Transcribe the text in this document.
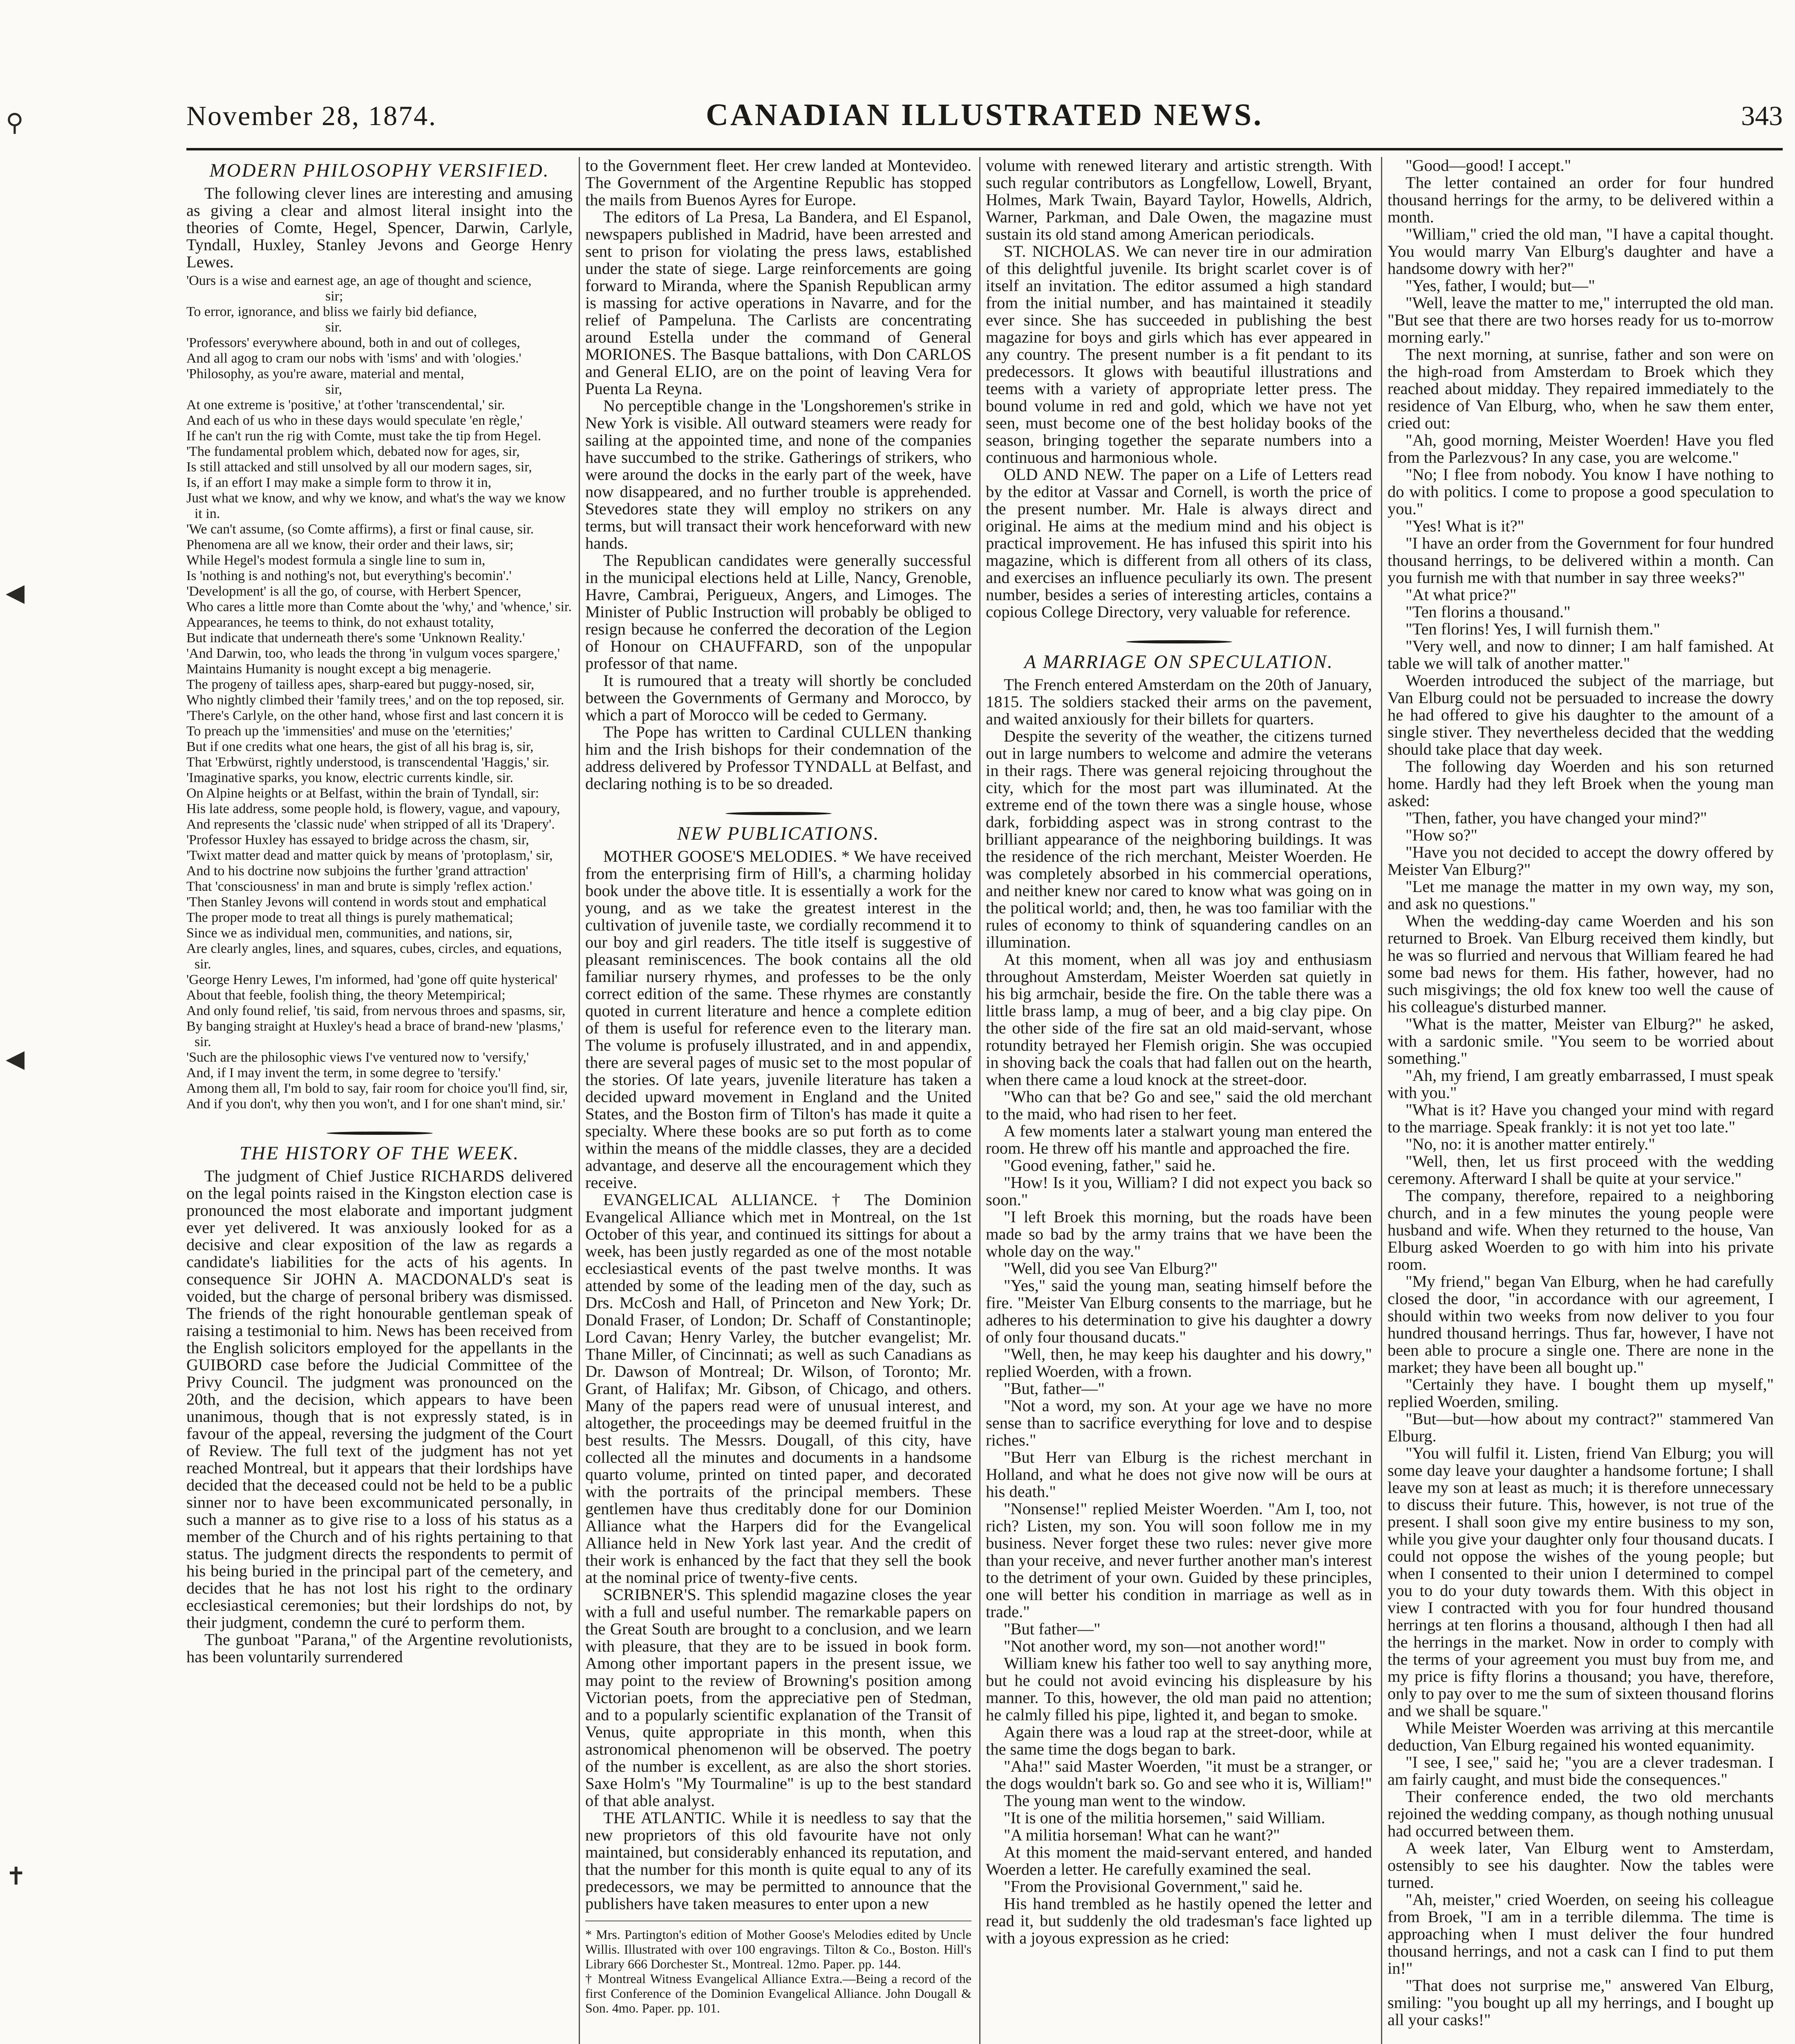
⚲
◀
◀
✝
November 28, 1874.	CANADIAN ILLUSTRATED NEWS.	343
MODERN PHILOSOPHY VERSIFIED.

The following clever lines are interesting and amusing as giving a clear and almost literal insight into the theories of Comte, Hegel, Spencer, Darwin, Carlyle, Tyndall, Huxley, Stanley Jevons and George Henry Lewes.

'Ours is a wise and earnest age, an age of thought and science,
sir;
To error, ignorance, and bliss we fairly bid defiance,
sir.
'Professors' everywhere abound, both in and out of colleges,
And all agog to cram our nobs with 'isms' and with 'ologies.'
'Philosophy, as you're aware, material and mental,
sir,
At one extreme is 'positive,' at t'other 'transcendental,' sir.
And each of us who in these days would speculate 'en règle,'
If he can't run the rig with Comte, must take the tip from Hegel.
'The fundamental problem which, debated now for ages, sir,
Is still attacked and still unsolved by all our modern sages, sir,
Is, if an effort I may make a simple form to throw it in,
Just what we know, and why we know, and what's the way we know it in.
'We can't assume, (so Comte affirms), a first or final cause, sir.
Phenomena are all we know, their order and their laws, sir;
While Hegel's modest formula a single line to sum in,
Is 'nothing is and nothing's not, but everything's becomin'.'
'Development' is all the go, of course, with Herbert Spencer,
Who cares a little more than Comte about the 'why,' and 'whence,' sir.
Appearances, he teems to think, do not exhaust totality,
But indicate that underneath there's some 'Unknown Reality.'
'And Darwin, too, who leads the throng 'in vulgum voces spargere,'
Maintains Humanity is nought except a big menagerie.
The progeny of tailless apes, sharp-eared but puggy-nosed, sir,
Who nightly climbed their 'family trees,' and on the top reposed, sir.
'There's Carlyle, on the other hand, whose first and last concern it is
To preach up the 'immensities' and muse on the 'eternities;'
But if one credits what one hears, the gist of all his brag is, sir,
That 'Erbwürst, rightly understood, is transcendental 'Haggis,' sir.
'Imaginative sparks, you know, electric currents kindle, sir.
On Alpine heights or at Belfast, within the brain of Tyndall, sir:
His late address, some people hold, is flowery, vague, and vapoury,
And represents the 'classic nude' when stripped of all its 'Drapery'.
'Professor Huxley has essayed to bridge across the chasm, sir,
'Twixt matter dead and matter quick by means of 'protoplasm,' sir,
And to his doctrine now subjoins the further 'grand attraction'
That 'consciousness' in man and brute is simply 'reflex action.'
'Then Stanley Jevons will contend in words stout and emphatical
The proper mode to treat all things is purely mathematical;
Since we as individual men, communities, and nations, sir,
Are clearly angles, lines, and squares, cubes, circles, and equations, sir.
'George Henry Lewes, I'm informed, had 'gone off quite hysterical'
About that feeble, foolish thing, the theory Metempirical;
And only found relief, 'tis said, from nervous throes and spasms, sir,
By banging straight at Huxley's head a brace of brand-new 'plasms,' sir.
'Such are the philosophic views I've ventured now to 'versify,'
And, if I may invent the term, in some degree to 'tersify.'
Among them all, I'm bold to say, fair room for choice you'll find, sir,
And if you don't, why then you won't, and I for one shan't mind, sir.'
THE HISTORY OF THE WEEK.

The judgment of Chief Justice RICHARDS delivered on the legal points raised in the Kingston election case is pronounced the most elaborate and important judgment ever yet delivered. It was anxiously looked for as a decisive and clear exposition of the law as regards a candidate's liabilities for the acts of his agents. In consequence Sir JOHN A. MACDONALD's seat is voided, but the charge of personal bribery was dismissed. The friends of the right honourable gentleman speak of raising a testimonial to him. News has been received from the English solicitors employed for the appellants in the GUIBORD case before the Judicial Committee of the Privy Council. The judgment was pronounced on the 20th, and the decision, which appears to have been unanimous, though that is not expressly stated, is in favour of the appeal, reversing the judgment of the Court of Review. The full text of the judgment has not yet reached Montreal, but it appears that their lordships have decided that the deceased could not be held to be a public sinner nor to have been excommunicated personally, in such a manner as to give rise to a loss of his status as a member of the Church and of his rights pertaining to that status. The judgment directs the respondents to permit of his being buried in the principal part of the cemetery, and decides that he has not lost his right to the ordinary ecclesiastical ceremonies; but their lordships do not, by their judgment, condemn the curé to perform them.

The gunboat "Parana," of the Argentine revolutionists, has been voluntarily surrendered

to the Government fleet. Her crew landed at Montevideo. The Government of the Argentine Republic has stopped the mails from Buenos Ayres for Europe.

The editors of La Presa, La Bandera, and El Espanol, newspapers published in Madrid, have been arrested and sent to prison for violating the press laws, established under the state of siege. Large reinforcements are going forward to Miranda, where the Spanish Republican army is massing for active operations in Navarre, and for the relief of Pampeluna. The Carlists are concentrating around Estella under the command of General MORIONES. The Basque battalions, with Don CARLOS and General ELIO, are on the point of leaving Vera for Puenta La Reyna.

No perceptible change in the 'Longshoremen's strike in New York is visible. All outward steamers were ready for sailing at the appointed time, and none of the companies have succumbed to the strike. Gatherings of strikers, who were around the docks in the early part of the week, have now disappeared, and no further trouble is apprehended. Stevedores state they will employ no strikers on any terms, but will transact their work henceforward with new hands.

The Republican candidates were generally successful in the municipal elections held at Lille, Nancy, Grenoble, Havre, Cambrai, Perigueux, Angers, and Limoges. The Minister of Public Instruction will probably be obliged to resign because he conferred the decoration of the Legion of Honour on CHAUFFARD, son of the unpopular professor of that name.

It is rumoured that a treaty will shortly be concluded between the Governments of Germany and Morocco, by which a part of Morocco will be ceded to Germany.

The Pope has written to Cardinal CULLEN thanking him and the Irish bishops for their condemnation of the address delivered by Professor TYNDALL at Belfast, and declaring nothing is to be so dreaded.

NEW PUBLICATIONS.

MOTHER GOOSE'S MELODIES. * We have received from the enterprising firm of Hill's, a charming holiday book under the above title. It is essentially a work for the young, and as we take the greatest interest in the cultivation of juvenile taste, we cordially recommend it to our boy and girl readers. The title itself is suggestive of pleasant reminiscences. The book contains all the old familiar nursery rhymes, and professes to be the only correct edition of the same. These rhymes are constantly quoted in current literature and hence a complete edition of them is useful for reference even to the literary man. The volume is profusely illustrated, and in and appendix, there are several pages of music set to the most popular of the stories. Of late years, juvenile literature has taken a decided upward movement in England and the United States, and the Boston firm of Tilton's has made it quite a specialty. Where these books are so put forth as to come within the means of the middle classes, they are a decided advantage, and deserve all the encouragement which they receive.

EVANGELICAL ALLIANCE. † The Dominion Evangelical Alliance which met in Montreal, on the 1st October of this year, and continued its sittings for about a week, has been justly regarded as one of the most notable ecclesiastical events of the past twelve months. It was attended by some of the leading men of the day, such as Drs. McCosh and Hall, of Princeton and New York; Dr. Donald Fraser, of London; Dr. Schaff of Constantinople; Lord Cavan; Henry Varley, the butcher evangelist; Mr. Thane Miller, of Cincinnati; as well as such Canadians as Dr. Dawson of Montreal; Dr. Wilson, of Toronto; Mr. Grant, of Halifax; Mr. Gibson, of Chicago, and others. Many of the papers read were of unusual interest, and altogether, the proceedings may be deemed fruitful in the best results. The Messrs. Dougall, of this city, have collected all the minutes and documents in a handsome quarto volume, printed on tinted paper, and decorated with the portraits of the principal members. These gentlemen have thus creditably done for our Dominion Alliance what the Harpers did for the Evangelical Alliance held in New York last year. And the credit of their work is enhanced by the fact that they sell the book at the nominal price of twenty-five cents.

SCRIBNER'S. This splendid magazine closes the year with a full and useful number. The remarkable papers on the Great South are brought to a conclusion, and we learn with pleasure, that they are to be issued in book form. Among other important papers in the present issue, we may point to the review of Browning's position among Victorian poets, from the appreciative pen of Stedman, and to a popularly scientific explanation of the Transit of Venus, quite appropriate in this month, when this astronomical phenomenon will be observed. The poetry of the number is excellent, as are also the short stories. Saxe Holm's "My Tourmaline" is up to the best standard of that able analyst.

THE ATLANTIC. While it is needless to say that the new proprietors of this old favourite have not only maintained, but considerably enhanced its reputation, and that the number for this month is quite equal to any of its predecessors, we may be permitted to announce that the publishers have taken measures to enter upon a new

* Mrs. Partington's edition of Mother Goose's Melodies edited by Uncle Willis. Illustrated with over 100 engravings. Tilton & Co., Boston. Hill's Library 666 Dorchester St., Montreal. 12mo. Paper. pp. 144.

† Montreal Witness Evangelical Alliance Extra.—Being a record of the first Conference of the Dominion Evangelical Alliance. John Dougall & Son. 4mo. Paper. pp. 101.

volume with renewed literary and artistic strength. With such regular contributors as Longfellow, Lowell, Bryant, Holmes, Mark Twain, Bayard Taylor, Howells, Aldrich, Warner, Parkman, and Dale Owen, the magazine must sustain its old stand among American periodicals.

ST. NICHOLAS. We can never tire in our admiration of this delightful juvenile. Its bright scarlet cover is of itself an invitation. The editor assumed a high standard from the initial number, and has maintained it steadily ever since. She has succeeded in publishing the best magazine for boys and girls which has ever appeared in any country. The present number is a fit pendant to its predecessors. It glows with beautiful illustrations and teems with a variety of appropriate letter press. The bound volume in red and gold, which we have not yet seen, must become one of the best holiday books of the season, bringing together the separate numbers into a continuous and harmonious whole.

OLD AND NEW. The paper on a Life of Letters read by the editor at Vassar and Cornell, is worth the price of the present number. Mr. Hale is always direct and original. He aims at the medium mind and his object is practical improvement. He has infused this spirit into his magazine, which is different from all others of its class, and exercises an influence peculiarly its own. The present number, besides a series of interesting articles, contains a copious College Directory, very valuable for reference.

A MARRIAGE ON SPECULATION.

The French entered Amsterdam on the 20th of January, 1815. The soldiers stacked their arms on the pavement, and waited anxiously for their billets for quarters.

Despite the severity of the weather, the citizens turned out in large numbers to welcome and admire the veterans in their rags. There was general rejoicing throughout the city, which for the most part was illuminated. At the extreme end of the town there was a single house, whose dark, forbidding aspect was in strong contrast to the brilliant appearance of the neighboring buildings. It was the residence of the rich merchant, Meister Woerden. He was completely absorbed in his commercial operations, and neither knew nor cared to know what was going on in the political world; and, then, he was too familiar with the rules of economy to think of squandering candles on an illumination.

At this moment, when all was joy and enthusiasm throughout Amsterdam, Meister Woerden sat quietly in his big armchair, beside the fire. On the table there was a little brass lamp, a mug of beer, and a big clay pipe. On the other side of the fire sat an old maid-servant, whose rotundity betrayed her Flemish origin. She was occupied in shoving back the coals that had fallen out on the hearth, when there came a loud knock at the street-door.

"Who can that be? Go and see," said the old merchant to the maid, who had risen to her feet.

A few moments later a stalwart young man entered the room. He threw off his mantle and approached the fire.

"Good evening, father," said he.

"How! Is it you, William? I did not expect you back so soon."

"I left Broek this morning, but the roads have been made so bad by the army trains that we have been the whole day on the way."

"Well, did you see Van Elburg?"

"Yes," said the young man, seating himself before the fire. "Meister Van Elburg consents to the marriage, but he adheres to his determination to give his daughter a dowry of only four thousand ducats."

"Well, then, he may keep his daughter and his dowry," replied Woerden, with a frown.

"But, father—"

"Not a word, my son. At your age we have no more sense than to sacrifice everything for love and to despise riches."

"But Herr van Elburg is the richest merchant in Holland, and what he does not give now will be ours at his death."

"Nonsense!" replied Meister Woerden. "Am I, too, not rich? Listen, my son. You will soon follow me in my business. Never forget these two rules: never give more than your receive, and never further another man's interest to the detriment of your own. Guided by these principles, one will better his condition in marriage as well as in trade."

"But father—"

"Not another word, my son—not another word!"

William knew his father too well to say anything more, but he could not avoid evincing his displeasure by his manner. To this, however, the old man paid no attention; he calmly filled his pipe, lighted it, and began to smoke.

Again there was a loud rap at the street-door, while at the same time the dogs began to bark.

"Aha!" said Master Woerden, "it must be a stranger, or the dogs wouldn't bark so. Go and see who it is, William!"

The young man went to the window.

"It is one of the militia horsemen," said William.

"A militia horseman! What can he want?"

At this moment the maid-servant entered, and handed Woerden a letter. He carefully examined the seal.

"From the Provisional Government," said he.

His hand trembled as he hastily opened the letter and read it, but suddenly the old tradesman's face lighted up with a joyous expression as he cried:

"Good—good! I accept."

The letter contained an order for four hundred thousand herrings for the army, to be delivered within a month.

"William," cried the old man, "I have a capital thought. You would marry Van Elburg's daughter and have a handsome dowry with her?"

"Yes, father, I would; but—"

"Well, leave the matter to me," interrupted the old man. "But see that there are two horses ready for us to-morrow morning early."

The next morning, at sunrise, father and son were on the high-road from Amsterdam to Broek which they reached about midday. They repaired immediately to the residence of Van Elburg, who, when he saw them enter, cried out:

"Ah, good morning, Meister Woerden! Have you fled from the Parlezvous? In any case, you are welcome."

"No; I flee from nobody. You know I have nothing to do with politics. I come to propose a good speculation to you."

"Yes! What is it?"

"I have an order from the Government for four hundred thousand herrings, to be delivered within a month. Can you furnish me with that number in say three weeks?"

"At what price?"

"Ten florins a thousand."

"Ten florins! Yes, I will furnish them."

"Very well, and now to dinner; I am half famished. At table we will talk of another matter."

Woerden introduced the subject of the marriage, but Van Elburg could not be persuaded to increase the dowry he had offered to give his daughter to the amount of a single stiver. They nevertheless decided that the wedding should take place that day week.

The following day Woerden and his son returned home. Hardly had they left Broek when the young man asked:

"Then, father, you have changed your mind?"

"How so?"

"Have you not decided to accept the dowry offered by Meister Van Elburg?"

"Let me manage the matter in my own way, my son, and ask no questions."

When the wedding-day came Woerden and his son returned to Broek. Van Elburg received them kindly, but he was so flurried and nervous that William feared he had some bad news for them. His father, however, had no such misgivings; the old fox knew too well the cause of his colleague's disturbed manner.

"What is the matter, Meister van Elburg?" he asked, with a sardonic smile. "You seem to be worried about something."

"Ah, my friend, I am greatly embarrassed, I must speak with you."

"What is it? Have you changed your mind with regard to the marriage. Speak frankly: it is not yet too late."

"No, no: it is another matter entirely."

"Well, then, let us first proceed with the wedding ceremony. Afterward I shall be quite at your service."

The company, therefore, repaired to a neighboring church, and in a few minutes the young people were husband and wife. When they returned to the house, Van Elburg asked Woerden to go with him into his private room.

"My friend," began Van Elburg, when he had carefully closed the door, "in accordance with our agreement, I should within two weeks from now deliver to you four hundred thousand herrings. Thus far, however, I have not been able to procure a single one. There are none in the market; they have been all bought up."

"Certainly they have. I bought them up myself," replied Woerden, smiling.

"But—but—how about my contract?" stammered Van Elburg.

"You will fulfil it. Listen, friend Van Elburg; you will some day leave your daughter a handsome fortune; I shall leave my son at least as much; it is therefore unnecessary to discuss their future. This, however, is not true of the present. I shall soon give my entire business to my son, while you give your daughter only four thousand ducats. I could not oppose the wishes of the young people; but when I consented to their union I determined to compel you to do your duty towards them. With this object in view I contracted with you for four hundred thousand herrings at ten florins a thousand, although I then had all the herrings in the market. Now in order to comply with the terms of your agreement you must buy from me, and my price is fifty florins a thousand; you have, therefore, only to pay over to me the sum of sixteen thousand florins and we shall be square."

While Meister Woerden was arriving at this mercantile deduction, Van Elburg regained his wonted equanimity.

"I see, I see," said he; "you are a clever tradesman. I am fairly caught, and must bide the consequences."

Their conference ended, the two old merchants rejoined the wedding company, as though nothing unusual had occurred between them.

A week later, Van Elburg went to Amsterdam, ostensibly to see his daughter. Now the tables were turned.

"Ah, meister," cried Woerden, on seeing his colleague from Broek, "I am in a terrible dilemma. The time is approaching when I must deliver the four hundred thousand herrings, and not a cask can I find to put them in!"

"That does not surprise me," answered Van Elburg, smiling: "you bought up all my herrings, and I bought up all your casks!"
